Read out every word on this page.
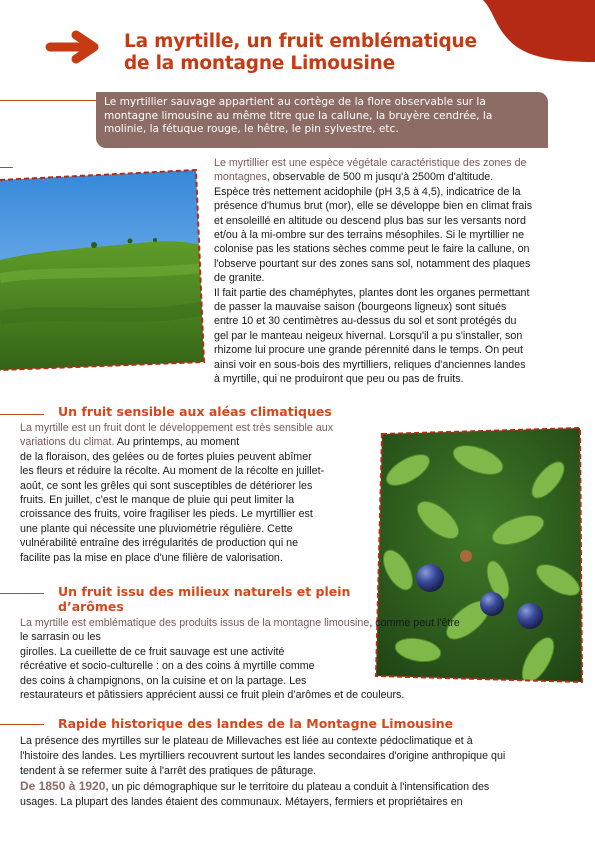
La myrtille, un fruit emblématique
de la montagne Limousine
Le myrtillier sauvage appartient au cortège de la flore observable sur la
montagne limousine au même titre que la callune, la bruyère cendrée, la
molinie, la fétuque rouge, le hêtre, le pin sylvestre, etc.
Le myrtillier est une espèce végétale caractéristique des zones de montagnes, observable de 500 m jusqu'à 2500m d'altitude.
Espèce très nettement acidophile (pH 3,5 à 4,5), indicatrice de la
présence d'humus brut (mor), elle se développe bien en climat frais
et ensoleillé en altitude ou descend plus bas sur les versants nord
et/ou à la mi-ombre sur des terrains mésophiles. Si le myrtillier ne
colonise pas les stations sèches comme peut le faire la callune, on
l'observe pourtant sur des zones sans sol, notamment des plaques
de granite.
Il fait partie des chaméphytes, plantes dont les organes permettant
de passer la mauvaise saison (bourgeons ligneux) sont situés
entre 10 et 30 centimètres au-dessus du sol et sont protégés du
gel par le manteau neigeux hivernal. Lorsqu'il a pu s'installer, son
rhizome lui procure une grande pérennité dans le temps. On peut
ainsi voir en sous-bois des myrtilliers, reliques d'anciennes landes
à myrtille, qui ne produiront que peu ou pas de fruits.
Un fruit sensible aux aléas climatiques
La myrtille est un fruit dont le développement est très sensible aux variations du climat. Au printemps, au moment
de la floraison, des gelées ou de fortes pluies peuvent abîmer
les fleurs et réduire la récolte. Au moment de la récolte en juillet-
août, ce sont les grêles qui sont susceptibles de détériorer les
fruits. En juillet, c'est le manque de pluie qui peut limiter la
croissance des fruits, voire fragiliser les pieds. Le myrtillier est
une plante qui nécessite une pluviométrie régulière. Cette
vulnérabilité entraîne des irrégularités de production qui ne
facilite pas la mise en place d'une filière de valorisation.
Un fruit issu des milieux naturels et plein
d’arômes
La myrtille est emblématique des produits issus de la montagne limousine, comme peut l'être le sarrasin ou les
girolles. La cueillette de ce fruit sauvage est une activité
récréative et socio-culturelle : on a des coins à myrtille comme
des coins à champignons, on la cuisine et on la partage. Les
restaurateurs et pâtissiers apprécient aussi ce fruit plein d’arômes et de couleurs.
Rapide historique des landes de la Montagne Limousine
La présence des myrtilles sur le plateau de Millevaches est liée au contexte pédoclimatique et à
l'histoire des landes. Les myrtilliers recouvrent surtout les landes secondaires d'origine anthropique qui
tendent à se refermer suite à l'arrêt des pratiques de pâturage.
De 1850 à 1920, un pic démographique sur le territoire du plateau a conduit à l'intensification des
usages. La plupart des landes étaient des communaux. Métayers, fermiers et propriétaires en
